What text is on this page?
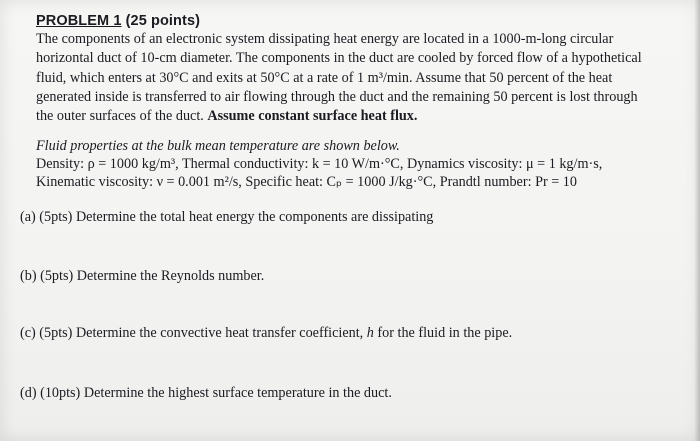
PROBLEM 1 (25 points)
The components of an electronic system dissipating heat energy are located in a 1000-m-long circular
horizontal duct of 10-cm diameter. The components in the duct are cooled by forced flow of a hypothetical
fluid, which enters at 30°C and exits at 50°C at a rate of 1 m³/min. Assume that 50 percent of the heat
generated inside is transferred to air flowing through the duct and the remaining 50 percent is lost through
the outer surfaces of the duct. Assume constant surface heat flux.
Fluid properties at the bulk mean temperature are shown below.
Density: ρ = 1000 kg/m³, Thermal conductivity: k = 10 W/m·°C, Dynamics viscosity: μ = 1 kg/m·s,
Kinematic viscosity: ν = 0.001 m²/s, Specific heat: Cₚ = 1000 J/kg·°C, Prandtl number: Pr = 10
(a) (5pts) Determine the total heat energy the components are dissipating
(b) (5pts) Determine the Reynolds number.
(c) (5pts) Determine the convective heat transfer coefficient, h for the fluid in the pipe.
(d) (10pts) Determine the highest surface temperature in the duct.
